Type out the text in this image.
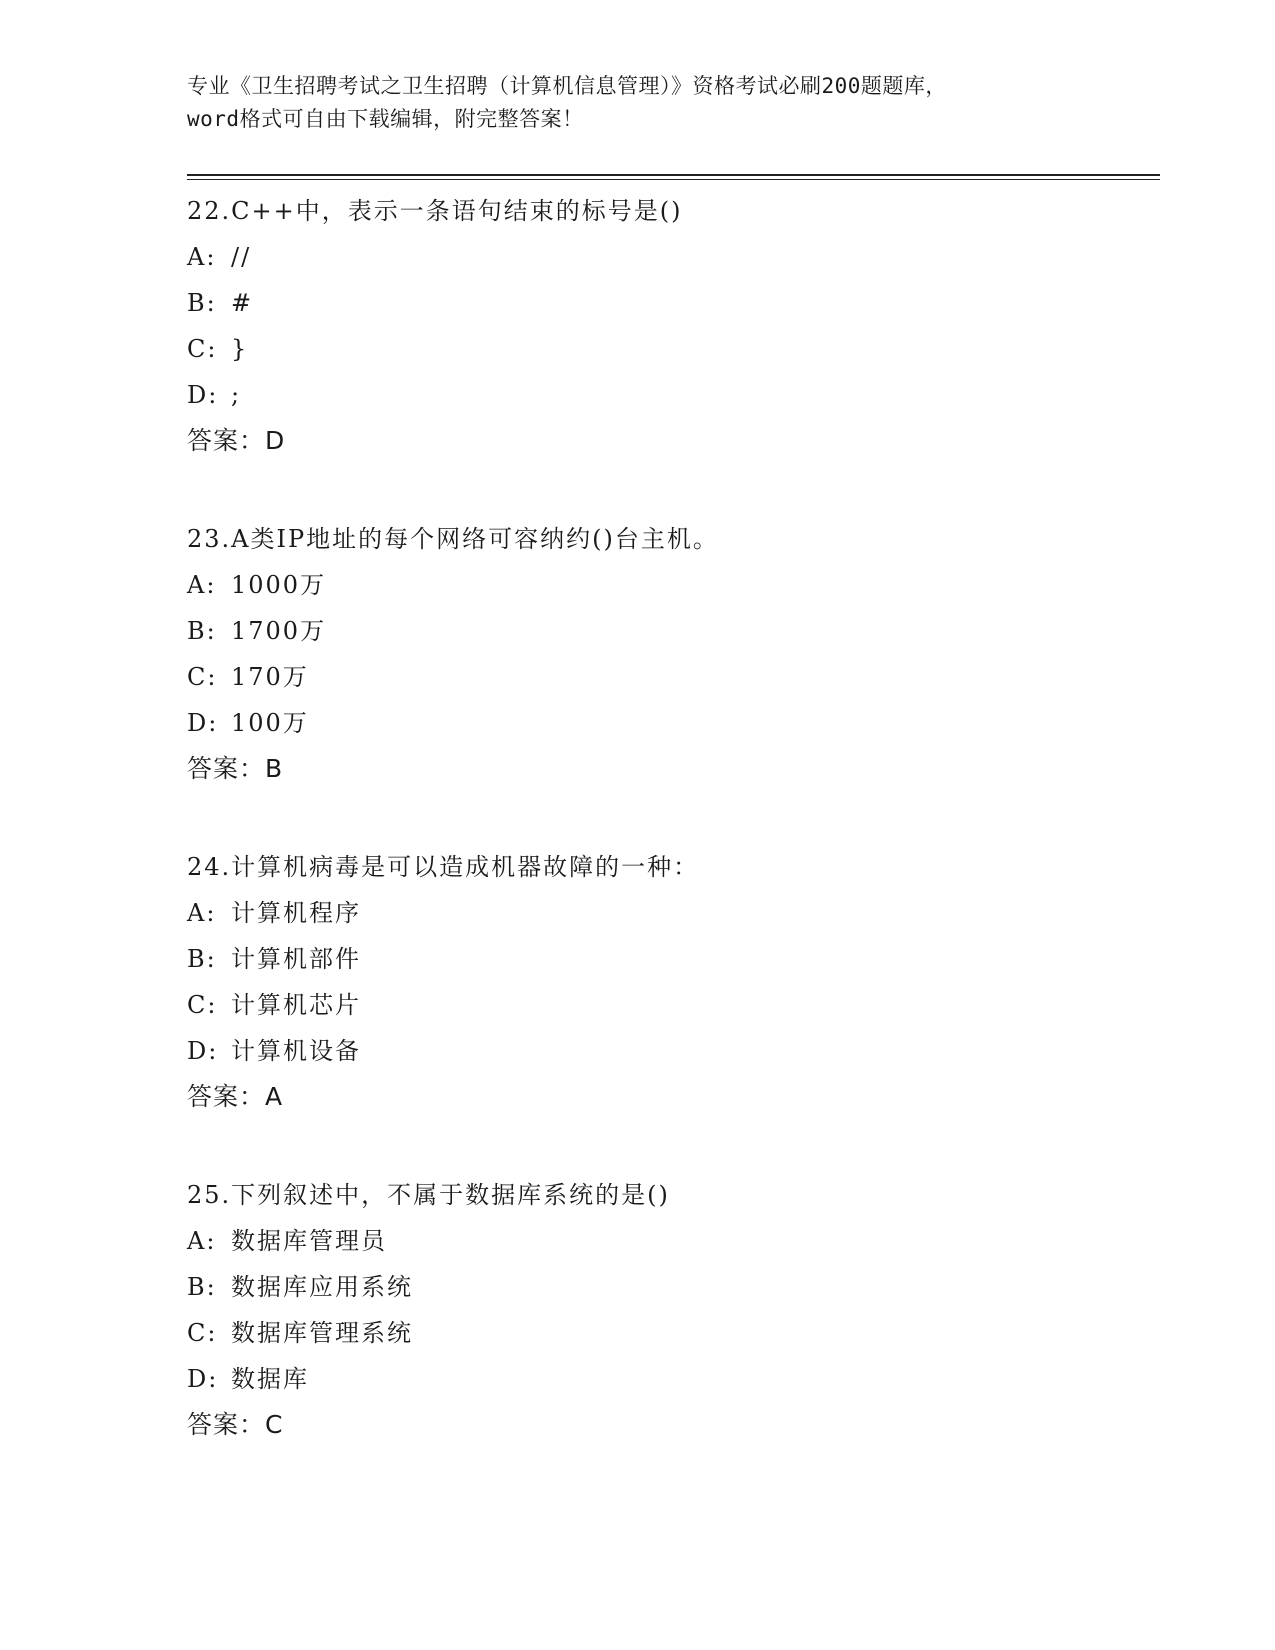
专业《卫生招聘考试之卫生招聘（计算机信息管理）》资格考试必刷200题题库，

word格式可自由下载编辑，附完整答案！

22.C++中，表示一条语句结束的标号是()
A: //
B: #
C: }
D: ;
答案：D
23.A类IP地址的每个网络可容纳约()台主机。
A: 1000万
B: 1700万
C: 170万
D: 100万
答案：B
24.计算机病毒是可以造成机器故障的一种：
A: 计算机程序
B: 计算机部件
C: 计算机芯片
D: 计算机设备
答案：A
25.下列叙述中，不属于数据库系统的是()
A: 数据库管理员
B: 数据库应用系统
C: 数据库管理系统
D: 数据库
答案：C
